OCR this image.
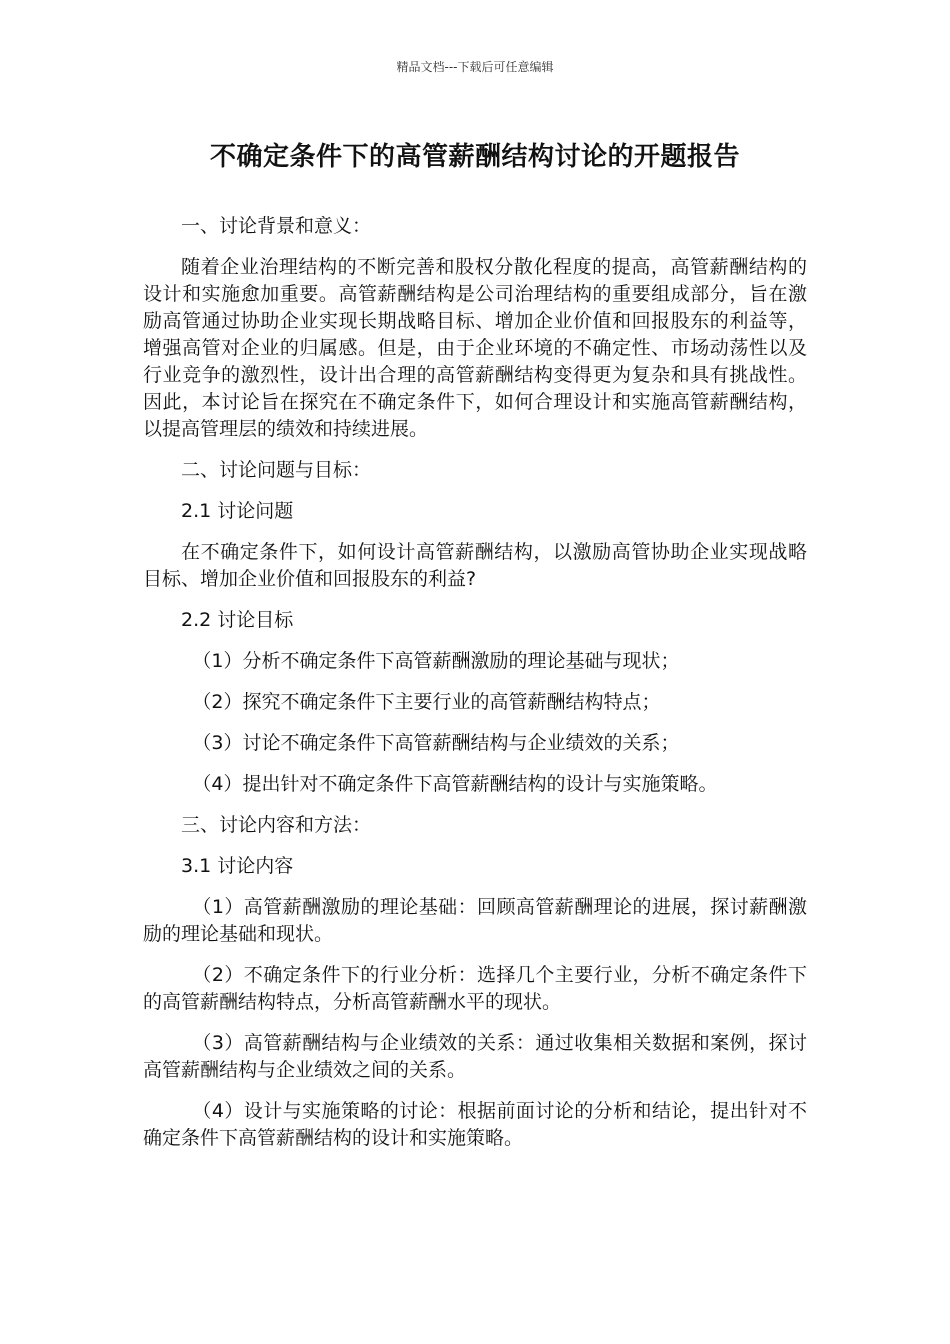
精品文档---下载后可任意编辑
不确定条件下的高管薪酬结构讨论的开题报告

一、讨论背景和意义：

随着企业治理结构的不断完善和股权分散化程度的提高，高管薪酬结构的设计和实施愈加重要。高管薪酬结构是公司治理结构的重要组成部分，旨在激励高管通过协助企业实现长期战略目标、增加企业价值和回报股东的利益等，增强高管对企业的归属感。但是，由于企业环境的不确定性、市场动荡性以及行业竞争的激烈性，设计出合理的高管薪酬结构变得更为复杂和具有挑战性。因此，本讨论旨在探究在不确定条件下，如何合理设计和实施高管薪酬结构，以提高管理层的绩效和持续进展。

二、讨论问题与目标：

2.1 讨论问题

在不确定条件下，如何设计高管薪酬结构，以激励高管协助企业实现战略目标、增加企业价值和回报股东的利益?

2.2 讨论目标

（1）分析不确定条件下高管薪酬激励的理论基础与现状；

（2）探究不确定条件下主要行业的高管薪酬结构特点；

（3）讨论不确定条件下高管薪酬结构与企业绩效的关系；

（4）提出针对不确定条件下高管薪酬结构的设计与实施策略。

三、讨论内容和方法：

3.1 讨论内容

（1）高管薪酬激励的理论基础：回顾高管薪酬理论的进展，探讨薪酬激励的理论基础和现状。

（2）不确定条件下的行业分析：选择几个主要行业，分析不确定条件下的高管薪酬结构特点，分析高管薪酬水平的现状。

（3）高管薪酬结构与企业绩效的关系：通过收集相关数据和案例，探讨高管薪酬结构与企业绩效之间的关系。

（4）设计与实施策略的讨论：根据前面讨论的分析和结论，提出针对不确定条件下高管薪酬结构的设计和实施策略。
